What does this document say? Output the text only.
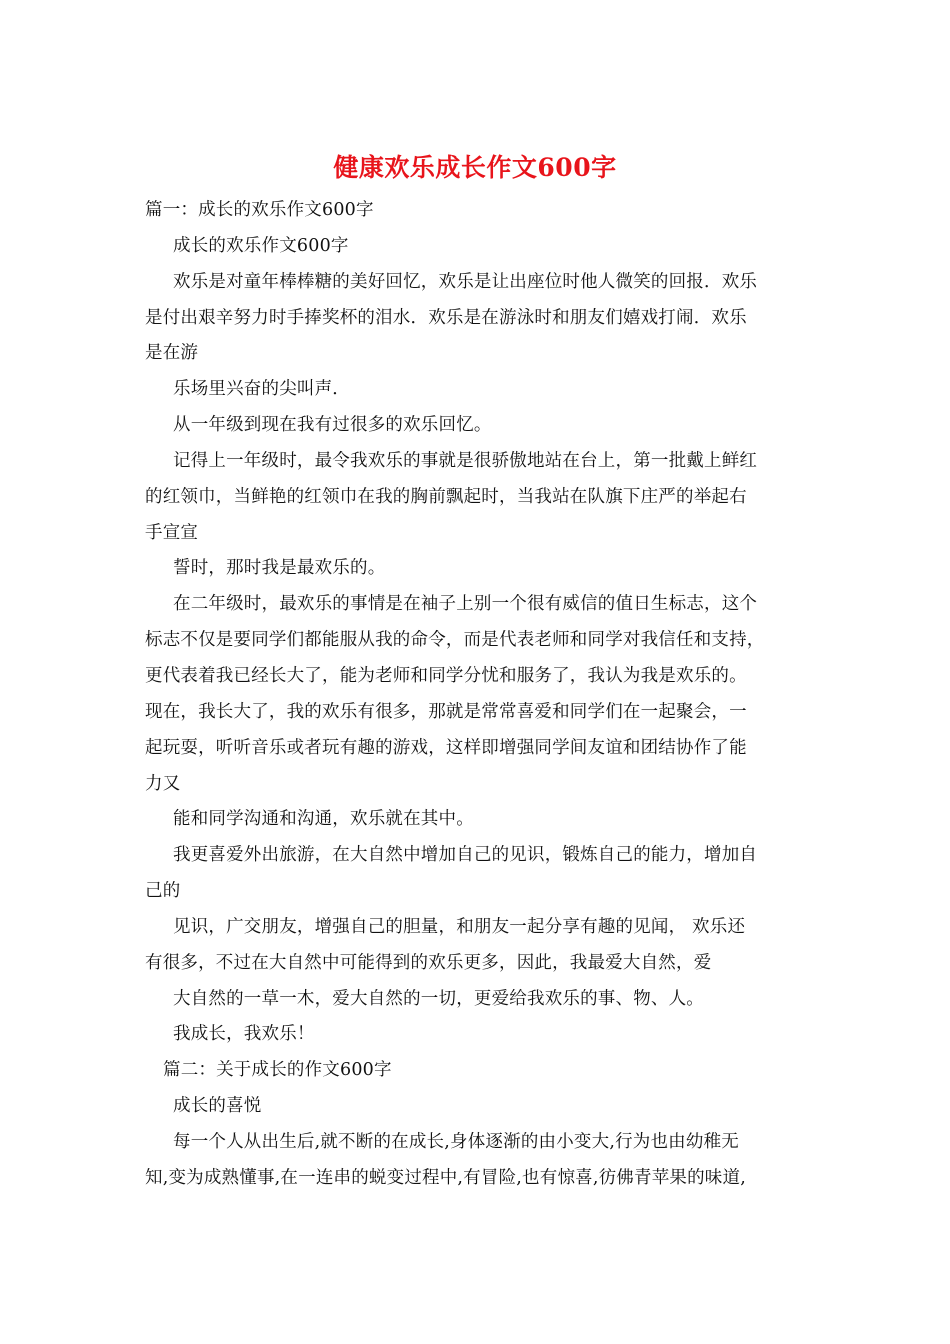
健康欢乐成长作文600字
篇一：成长的欢乐作文600字
成长的欢乐作文600字
欢乐是对童年棒棒糖的美好回忆，欢乐是让出座位时他人微笑的回报．欢乐
是付出艰辛努力时手捧奖杯的泪水．欢乐是在游泳时和朋友们嬉戏打闹．欢乐
是在游
乐场里兴奋的尖叫声．
从一年级到现在我有过很多的欢乐回忆。
记得上一年级时，最令我欢乐的事就是很骄傲地站在台上，第一批戴上鲜红
的红领巾，当鲜艳的红领巾在我的胸前飘起时，当我站在队旗下庄严的举起右
手宣宣
誓时，那时我是最欢乐的。
在二年级时，最欢乐的事情是在袖子上别一个很有威信的值日生标志，这个
标志不仅是要同学们都能服从我的命令，而是代表老师和同学对我信任和支持，
更代表着我已经长大了，能为老师和同学分忧和服务了，我认为我是欢乐的。
现在，我长大了，我的欢乐有很多，那就是常常喜爱和同学们在一起聚会，一
起玩耍，听听音乐或者玩有趣的游戏，这样即增强同学间友谊和团结协作了能
力又
能和同学沟通和沟通，欢乐就在其中。
我更喜爱外出旅游，在大自然中增加自己的见识，锻炼自己的能力，增加自
己的
见识，广交朋友，增强自己的胆量，和朋友一起分享有趣的见闻， 欢乐还
有很多，不过在大自然中可能得到的欢乐更多，因此，我最爱大自然，爱
大自然的一草一木，爱大自然的一切，更爱给我欢乐的事、物、人。
我成长，我欢乐！
篇二：关于成长的作文600字
成长的喜悦
每一个人从出生后,就不断的在成长,身体逐渐的由小变大,行为也由幼稚无
知,变为成熟懂事,在一连串的蜕变过程中,有冒险,也有惊喜,彷佛青苹果的味道,
